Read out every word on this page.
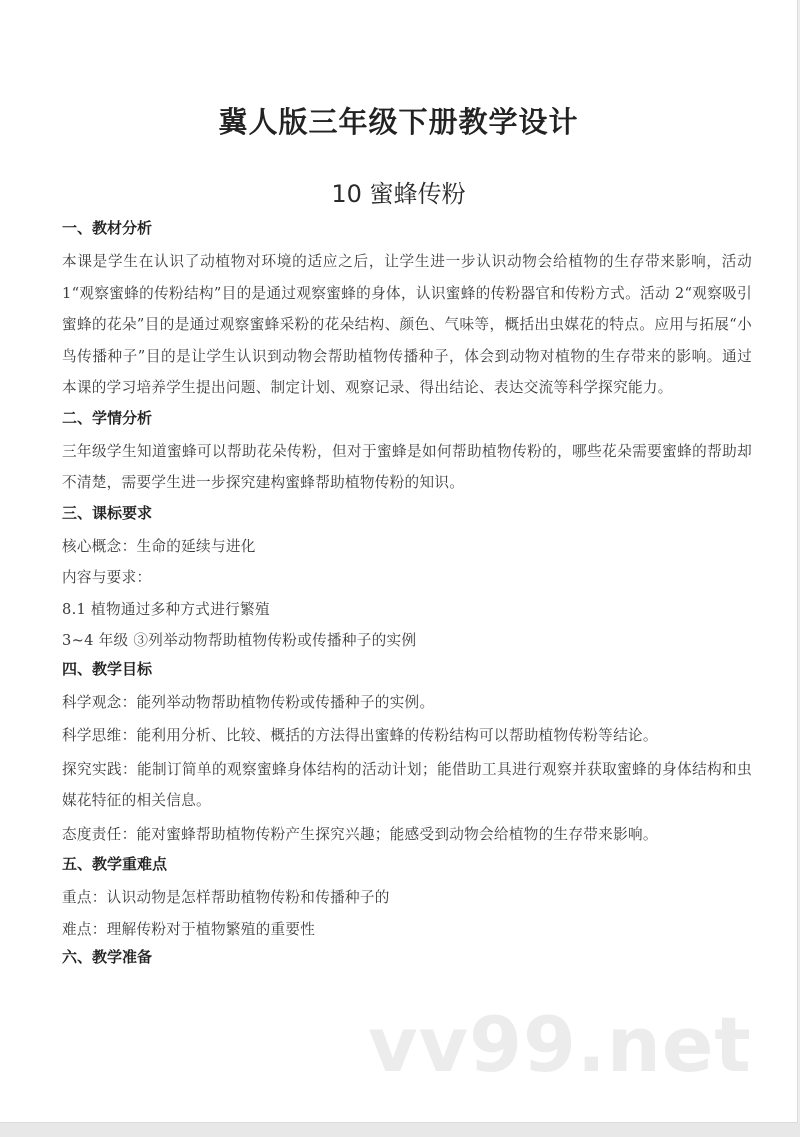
冀人版三年级下册教学设计
10 蜜蜂传粉
一、教材分析
本课是学生在认识了动植物对环境的适应之后，让学生进一步认识动物会给植物的生存带来影响，活动 1“观察蜜蜂的传粉结构”目的是通过观察蜜蜂的身体，认识蜜蜂的传粉器官和传粉方式。活动 2“观察吸引蜜蜂的花朵”目的是通过观察蜜蜂采粉的花朵结构、颜色、气味等，概括出虫媒花的特点。应用与拓展“小鸟传播种子”目的是让学生认识到动物会帮助植物传播种子，体会到动物对植物的生存带来的影响。通过本课的学习培养学生提出问题、制定计划、观察记录、得出结论、表达交流等科学探究能力。
二、学情分析
三年级学生知道蜜蜂可以帮助花朵传粉，但对于蜜蜂是如何帮助植物传粉的，哪些花朵需要蜜蜂的帮助却不清楚，需要学生进一步探究建构蜜蜂帮助植物传粉的知识。
三、课标要求
核心概念：生命的延续与进化
内容与要求：
8.1 植物通过多种方式进行繁殖
3~4 年级 ③列举动物帮助植物传粉或传播种子的实例
四、教学目标
科学观念：能列举动物帮助植物传粉或传播种子的实例。
科学思维：能利用分析、比较、概括的方法得出蜜蜂的传粉结构可以帮助植物传粉等结论。
探究实践：能制订简单的观察蜜蜂身体结构的活动计划；能借助工具进行观察并获取蜜蜂的身体结构和虫媒花特征的相关信息。
态度责任：能对蜜蜂帮助植物传粉产生探究兴趣；能感受到动物会给植物的生存带来影响。
五、教学重难点
重点：认识动物是怎样帮助植物传粉和传播种子的
难点：理解传粉对于植物繁殖的重要性
六、教学准备
vv99.net
